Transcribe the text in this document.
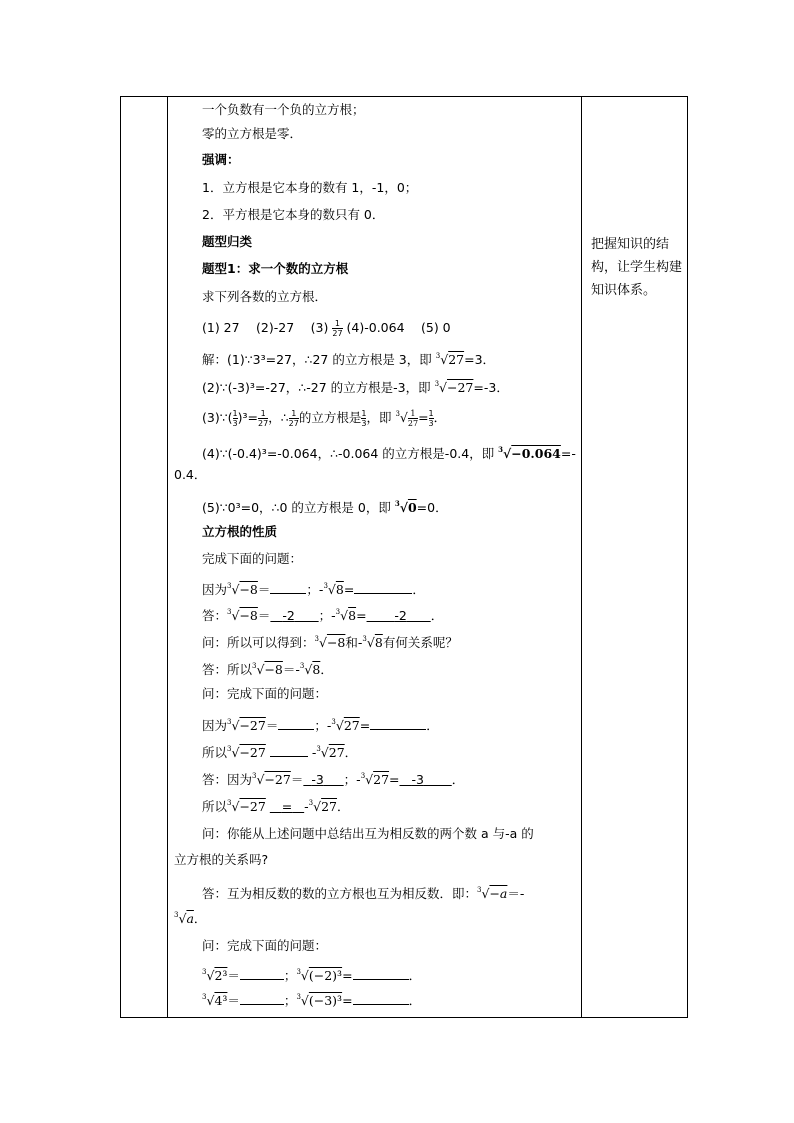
一个负数有一个负的立方根；
零的立方根是零．
强调：
1．立方根是它本身的数有 1，-1，0；
2．平方根是它本身的数只有 0．
题型归类
题型1：求一个数的立方根
求下列各数的立方根．
(1) 27　 (2)-27　 $(3) \frac{1}{27} (4)-0.064$　 (5) 0
解：(1)∵3³=27，∴27 的立方根是 3，即 $^3$√27=3．
(2)∵(-3)³=-27，∴-27 的立方根是-3，即 $^3$√−27=-3．
(3)∵( $\frac{1}{3} )^3= \frac{1}{27}$ ，∴ $\frac{1}{27}$ 的立方根是 $\frac{1}{3}$ ，即 $^3√ \frac{1}{27} = \frac{1}{3}$ ．
(4)∵(-0.4)³=-0.064，∴-0.064 的立方根是-0.4，即 $^3$√−0.064=-
0.4．
(5)∵0³=0，∴0 的立方根是 0，即 $^3$√0=0．
立方根的性质
完成下面的问题：
因为$^3$√−8＝	；-$^3$√8=	．
答：$^3$√−8＝ -2 ；-$^3$√8= -2 ．
问：所以可以得到：$^3$√−8和-$^3$√8有何关系呢？
答：所以$^3$√−8＝-$^3$√8．
问：完成下面的问题：
因为$^3$√−27＝	；-$^3$√27=	．
所以$^3$√−27	-$^3$√27．
答：因为$^3$√−27＝ -3 ；-$^3$√27= -3 ．
所以$^3$√−27 = -$^3$√27．
问：你能从上述问题中总结出互为相反数的两个数 a 与-a 的
立方根的关系吗?
答：互为相反数的数的立方根也互为相反数．即：$^3$√−a＝-
$^3$√a．
问：完成下面的问题：
$^3$√2³＝	；$^3$√(−2)³=	．
$^3$√4³＝	；$^3$√(−3)³=	．
把握知识的结构，让学生构建知识体系。
